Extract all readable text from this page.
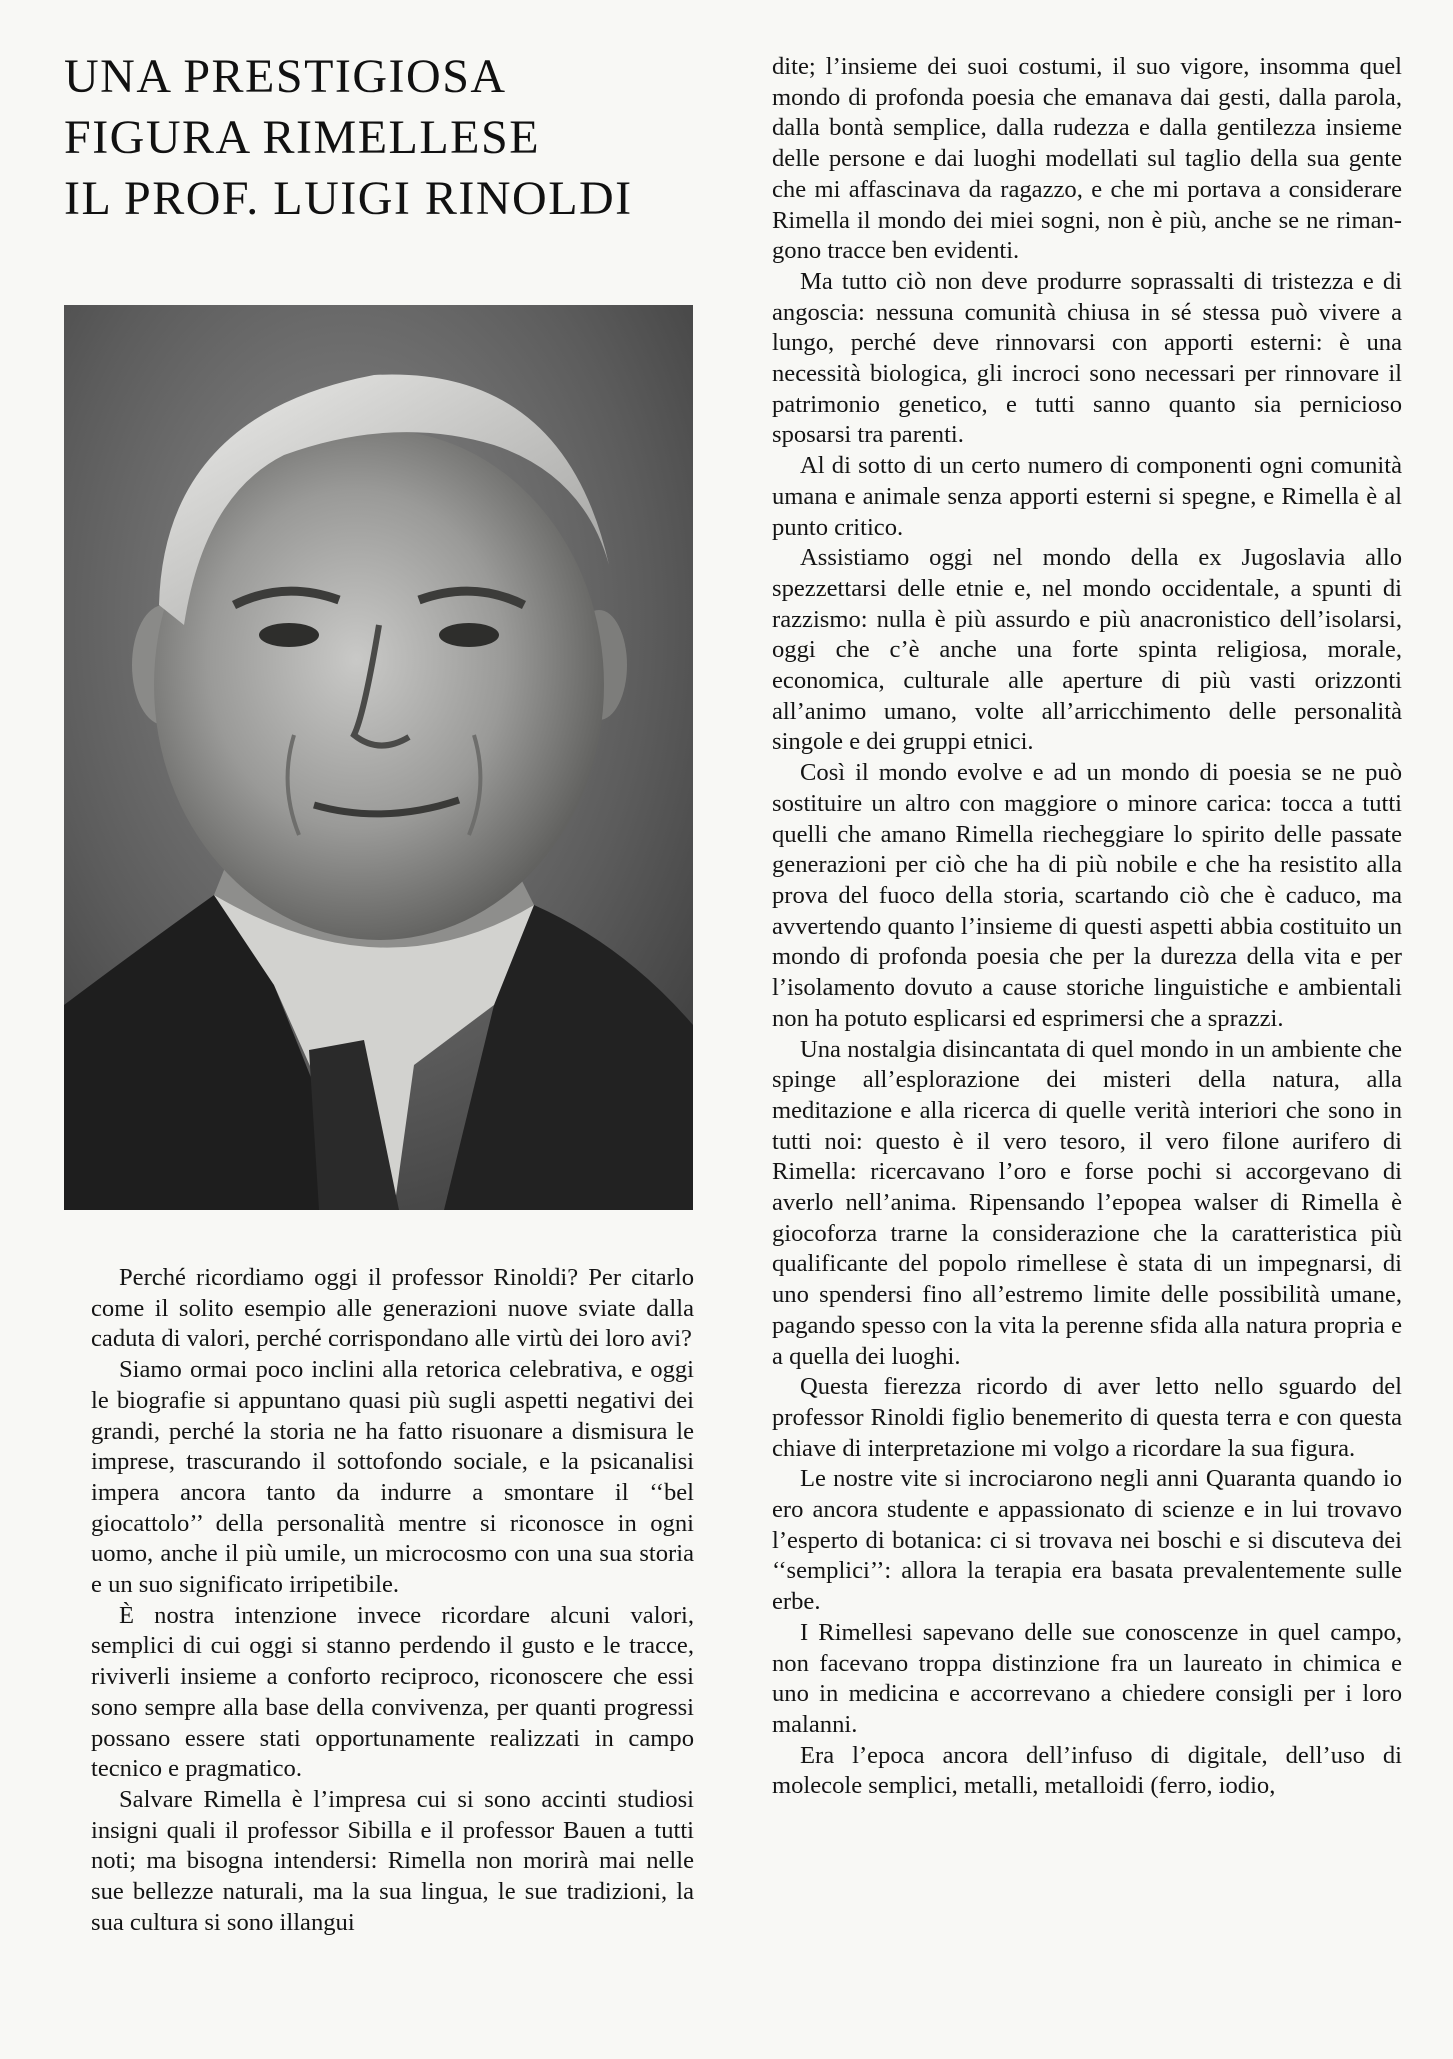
UNA PRESTIGIOSA
FIGURA RIMELLESE
IL PROF. LUIGI RINOLDI

Perché ricordiamo oggi il professor Rinoldi? Per citarlo come il solito esempio alle generazioni nuove sviate dalla caduta di valori, perché corrispondano alle virtù dei loro avi?

Siamo ormai poco inclini alla retorica celebrativa, e oggi le biografie si appuntano quasi più sugli aspetti negativi dei grandi, perché la storia ne ha fatto risuonare a dismisura le imprese, trascurando il sottofondo sociale, e la psicanalisi impera ancora tanto da indurre a smontare il ‘‘bel giocattolo’’ della personalità mentre si riconosce in ogni uomo, anche il più umile, un microcosmo con una sua storia e un suo significato irripetibile.

È nostra intenzione invece ricordare alcuni valori, semplici di cui oggi si stanno perdendo il gusto e le tracce, riviverli insieme a conforto reciproco, riconoscere che essi sono sempre alla base della convivenza, per quanti progressi possano essere stati opportunamente realizzati in campo tecnico e pragmatico.

Salvare Rimella è l’impresa cui si sono accinti studiosi insigni quali il professor Sibilla e il professor Bauen a tutti noti; ma bisogna intendersi: Rimella non morirà mai nelle sue bellezze naturali, ma la sua lingua, le sue tradizioni, la sua cultura si sono illangui

dite; l’insieme dei suoi costumi, il suo vigore, insomma quel mondo di profonda poesia che emanava dai gesti, dalla parola, dalla bontà semplice, dalla rudezza e dalla gentilezza insieme delle persone e dai luoghi modellati sul taglio della sua gente che mi affascinava da ragazzo, e che mi portava a considerare Rimella il mondo dei miei sogni, non è più, anche se ne rimangono tracce ben evidenti.

Ma tutto ciò non deve produrre soprassalti di tristezza e di angoscia: nessuna comunità chiusa in sé stessa può vivere a lungo, perché deve rinnovarsi con apporti esterni: è una necessità biologica, gli incroci sono necessari per rinnovare il patrimonio genetico, e tutti sanno quanto sia pernicioso sposarsi tra parenti.

Al di sotto di un certo numero di componenti ogni comunità umana e animale senza apporti esterni si spegne, e Rimella è al punto critico.

Assistiamo oggi nel mondo della ex Jugoslavia allo spezzettarsi delle etnie e, nel mondo occidentale, a spunti di razzismo: nulla è più assurdo e più anacronistico dell’isolarsi, oggi che c’è anche una forte spinta religiosa, morale, economica, culturale alle aperture di più vasti orizzonti all’animo umano, volte all’arricchimento delle personalità singole e dei gruppi etnici.

Così il mondo evolve e ad un mondo di poesia se ne può sostituire un altro con maggiore o minore carica: tocca a tutti quelli che amano Rimella riecheggiare lo spirito delle passate generazioni per ciò che ha di più nobile e che ha resistito alla prova del fuoco della storia, scartando ciò che è caduco, ma avvertendo quanto l’insieme di questi aspetti abbia costituito un mondo di profonda poesia che per la durezza della vita e per l’isolamento dovuto a cause storiche linguistiche e ambientali non ha potuto esplicarsi ed esprimersi che a sprazzi.

Una nostalgia disincantata di quel mondo in un ambiente che spinge all’esplorazione dei misteri della natura, alla meditazione e alla ricerca di quelle verità interiori che sono in tutti noi: questo è il vero tesoro, il vero filone aurifero di Rimella: ricercavano l’oro e forse pochi si accorgevano di averlo nell’anima. Ripensando l’epopea walser di Rimella è giocoforza trarne la considerazione che la caratteristica più qualificante del popolo rimellese è stata di un impegnarsi, di uno spendersi fino all’estremo limite delle possibilità umane, pagando spesso con la vita la perenne sfida alla natura propria e a quella dei luoghi.

Questa fierezza ricordo di aver letto nello sguardo del professor Rinoldi figlio benemerito di questa terra e con questa chiave di interpretazione mi volgo a ricordare la sua figura.

Le nostre vite si incrociarono negli anni Quaranta quando io ero ancora studente e appassionato di scienze e in lui trovavo l’esperto di botanica: ci si trovava nei boschi e si discuteva dei ‘‘semplici’’: allora la terapia era basata prevalentemente sulle erbe.

I Rimellesi sapevano delle sue conoscenze in quel campo, non facevano troppa distinzione fra un laureato in chimica e uno in medicina e accorrevano a chiedere consigli per i loro malanni.

Era l’epoca ancora dell’infuso di digitale, dell’uso di molecole semplici, metalli, metalloidi (ferro, iodio,
